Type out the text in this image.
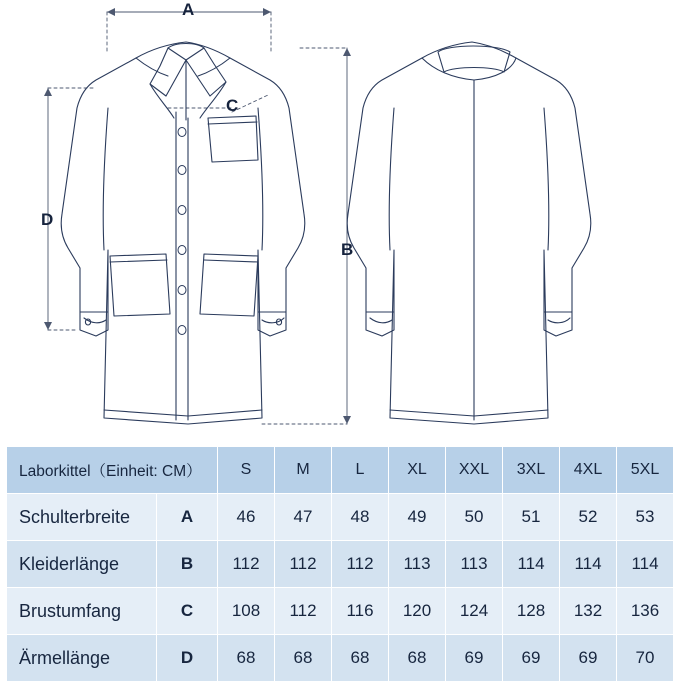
A
B
C
D
Laborkittel（Einheit: CM）		S	M	L	XL	XXL	3XL	4XL	5XL
Schulterbreite	A	46	47	48	49	50	51	52	53
Kleiderlänge	B	112	112	112	113	113	114	114	114
Brustumfang	C	108	112	116	120	124	128	132	136
Ärmellänge	D	68	68	68	68	69	69	69	70
